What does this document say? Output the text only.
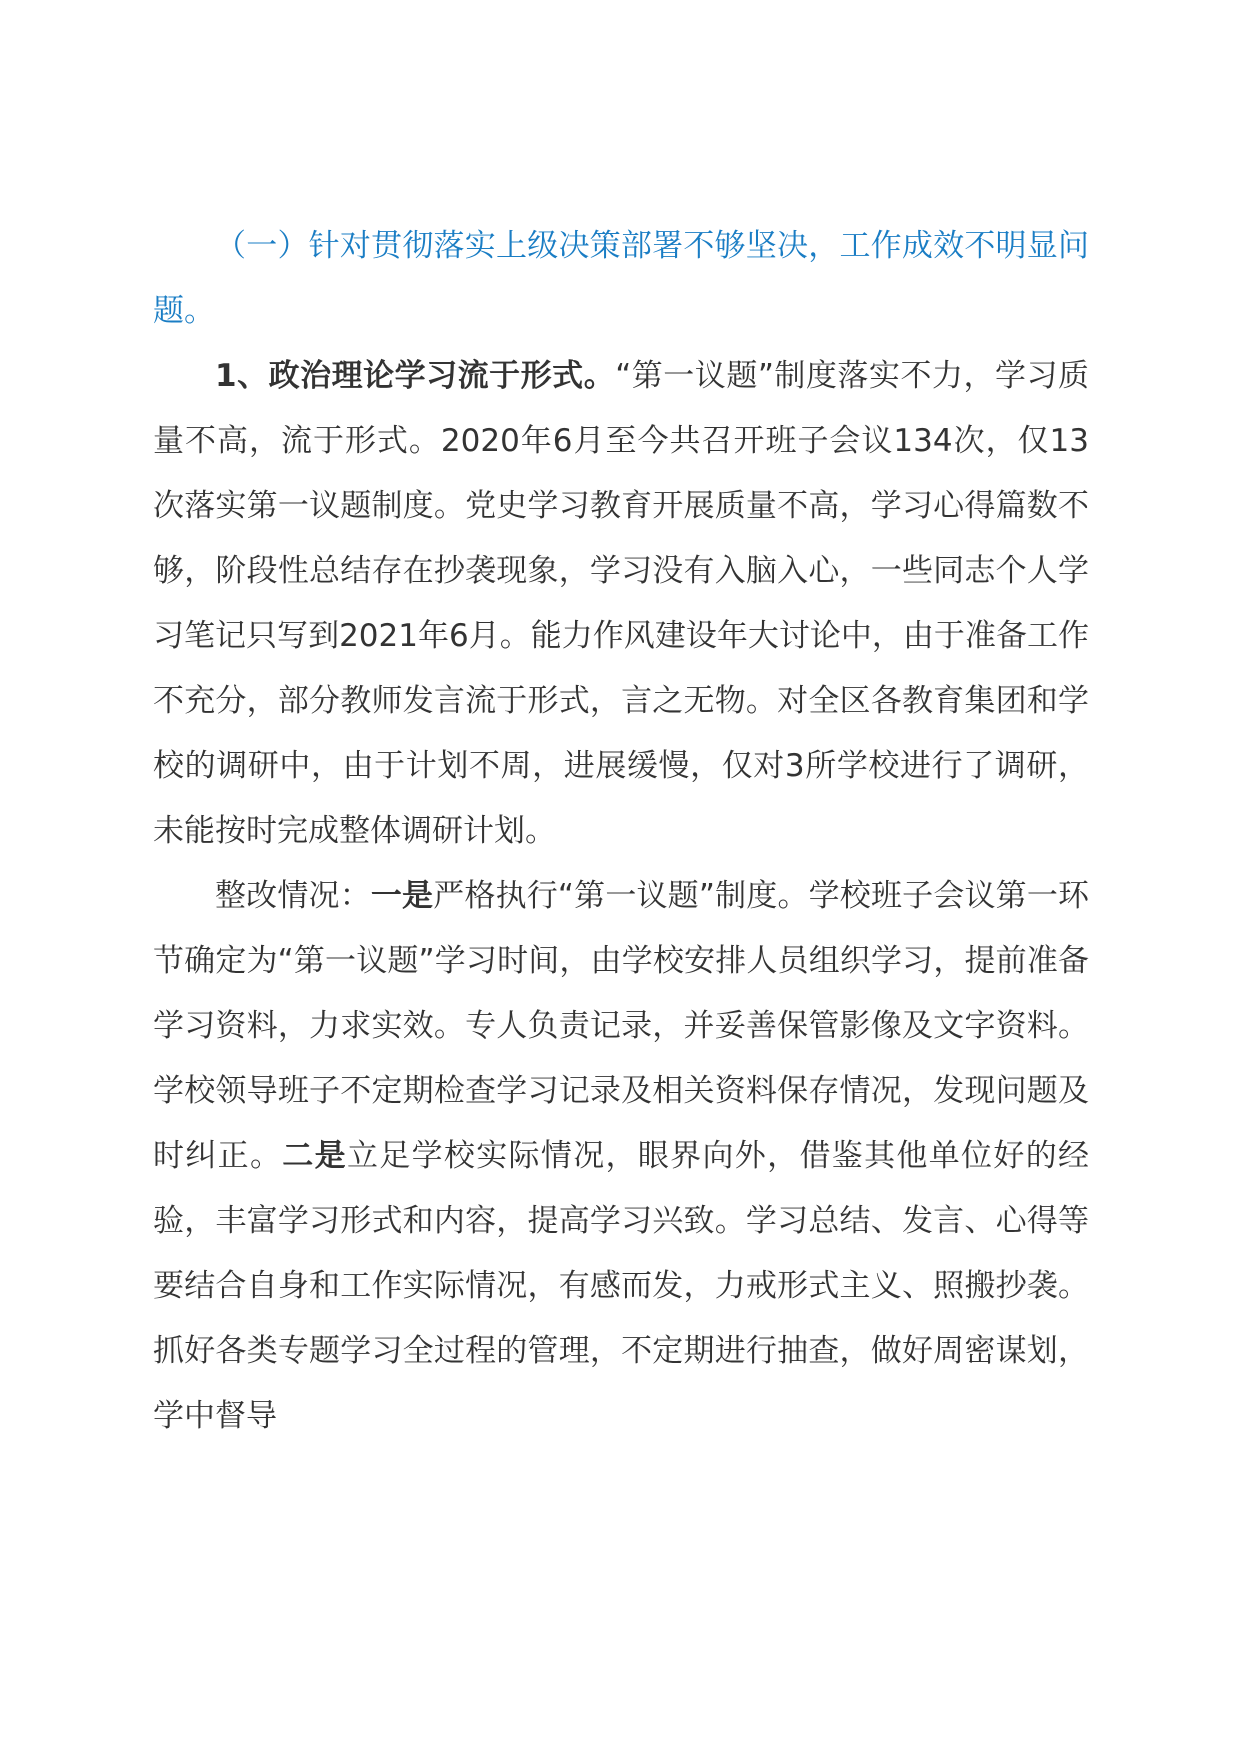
（一）针对贯彻落实上级决策部署不够坚决，工作成效不明显问题。

1、政治理论学习流于形式。“第一议题”制度落实不力，学习质量不高，流于形式。2020年6月至今共召开班子会议134次，仅13次落实第一议题制度。党史学习教育开展质量不高，学习心得篇数不够，阶段性总结存在抄袭现象，学习没有入脑入心，一些同志个人学习笔记只写到2021年6月。能力作风建设年大讨论中，由于准备工作不充分，部分教师发言流于形式，言之无物。对全区各教育集团和学校的调研中，由于计划不周，进展缓慢，仅对3所学校进行了调研，未能按时完成整体调研计划。

整改情况：一是严格执行“第一议题”制度。学校班子会议第一环节确定为“第一议题”学习时间，由学校安排人员组织学习，提前准备学习资料，力求实效。专人负责记录，并妥善保管影像及文字资料。学校领导班子不定期检查学习记录及相关资料保存情况，发现问题及时纠正。二是立足学校实际情况，眼界向外，借鉴其他单位好的经验，丰富学习形式和内容，提高学习兴致。学习总结、发言、心得等要结合自身和工作实际情况，有感而发，力戒形式主义、照搬抄袭。抓好各类专题学习全过程的管理，不定期进行抽查，做好周密谋划，学中督导
